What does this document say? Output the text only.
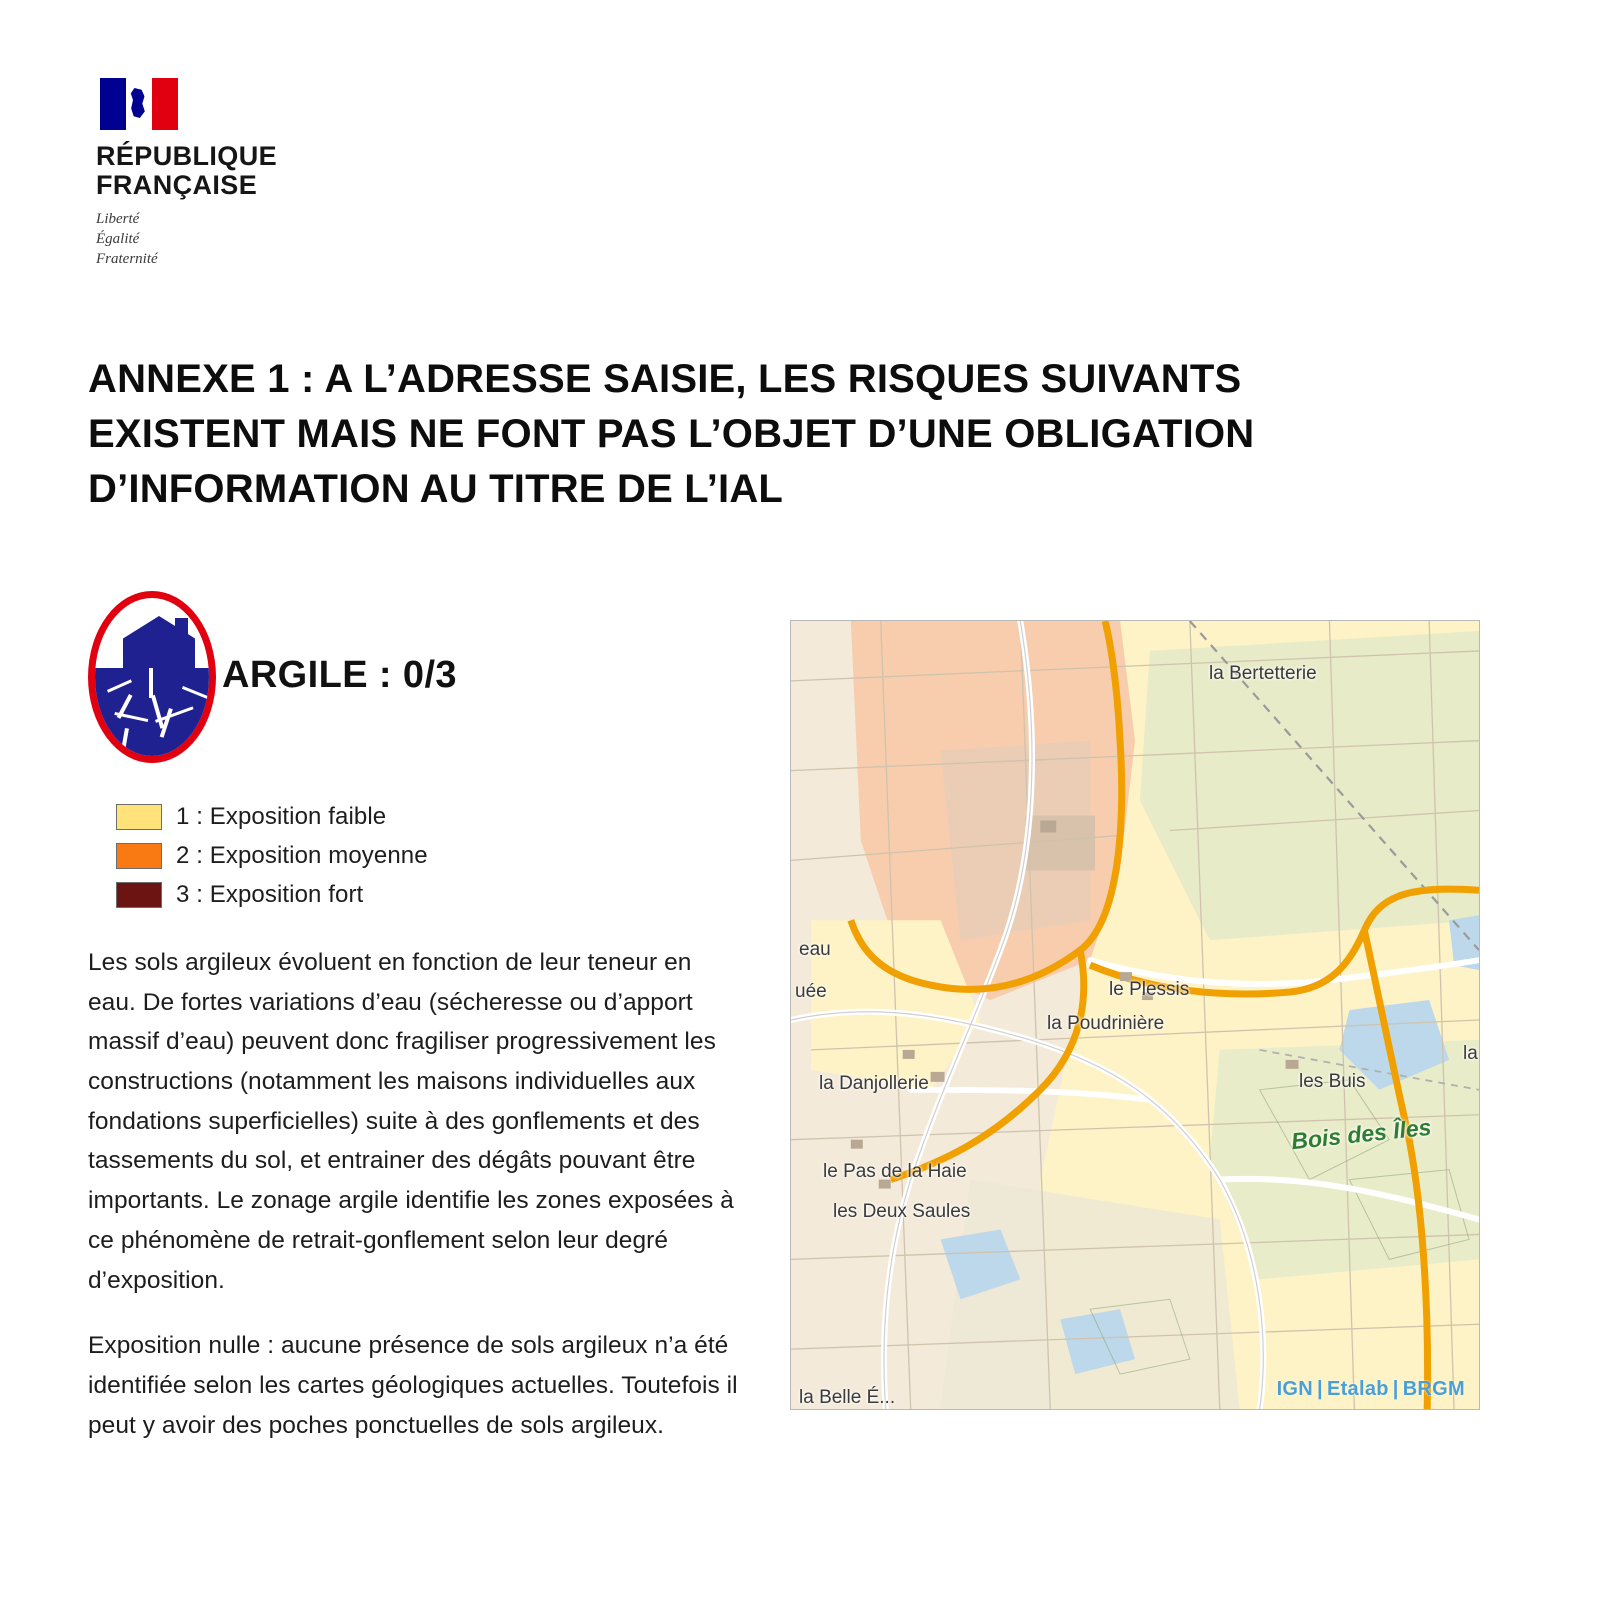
RÉPUBLIQUE
FRANÇAISE
Liberté
Égalité
Fraternité
ANNEXE 1 : A L’ADRESSE SAISIE, LES RISQUES SUIVANTS EXISTENT MAIS NE FONT PAS L’OBJET D’UNE OBLIGATION D’INFORMATION AU TITRE DE L’IAL
ARGILE : 0/3
1 : Exposition faible
2 : Exposition moyenne
3 : Exposition fort

Les sols argileux évoluent en fonction de leur teneur en eau. De fortes variations d’eau (sécheresse ou d’apport massif d’eau) peuvent donc fragiliser progressivement les constructions (notamment les maisons individuelles aux fondations superficielles) suite à des gonflements et des tassements du sol, et entrainer des dégâts pouvant être importants. Le zonage argile identifie les zones exposées à ce phénomène de retrait-gonflement selon leur degré d’exposition.

Exposition nulle : aucune présence de sols argileux n’a été identifiée selon les cartes géologiques actuelles. Toutefois il peut y avoir des poches ponctuelles de sols argileux.

la Bertetterie
eau
uée	le Plessis
la Poudrinière
la Danjollerie	les Buis
la
le Pas de la Haie
les Deux Saules
la Belle É...
Bois des Îles
IGN | Etalab | BRGM
